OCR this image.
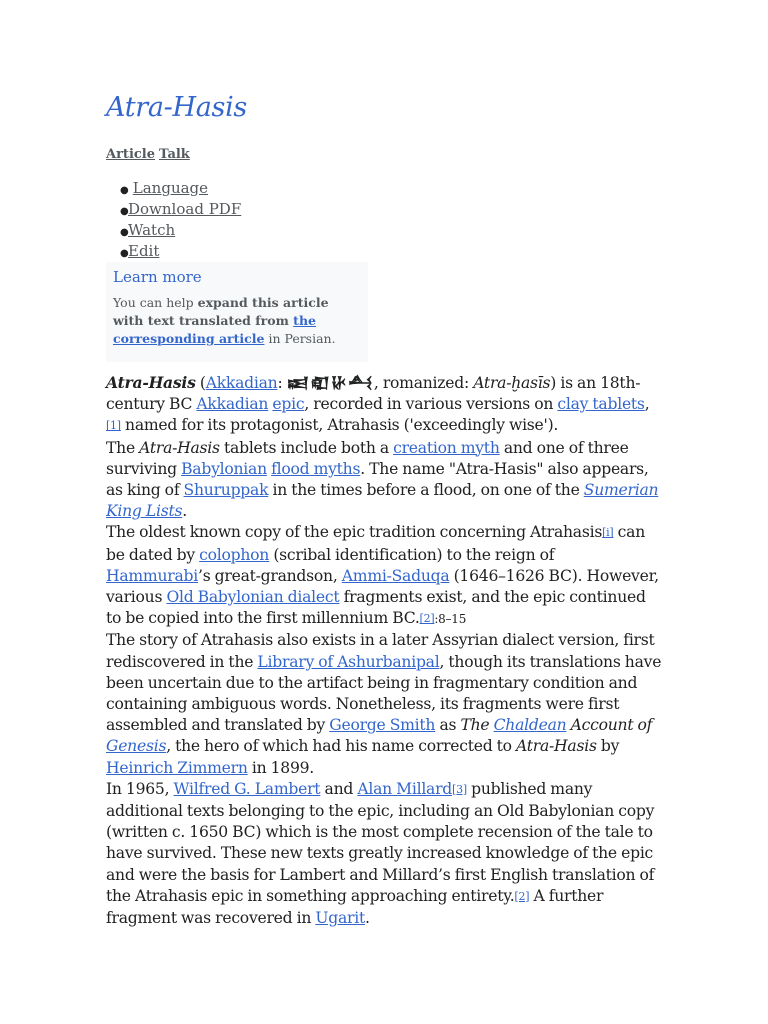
Atra-Hasis
Article Talk
● Language
●Download PDF
●Watch
●Edit
Learn more
You can help expand this article with text translated from the corresponding article in Persian.

Atra-Hasis (Akkadian: 𒀜𒊏𒄩𒋀, romanized: Atra-ḫasīs) is an 18th-century BC Akkadian epic, recorded in various versions on clay tablets,[1] named for its protagonist, Atrahasis ('exceedingly wise').

The Atra-Hasis tablets include both a creation myth and one of three surviving Babylonian flood myths. The name "Atra-Hasis" also appears, as king of Shuruppak in the times before a flood, on one of the Sumerian King Lists.

The oldest known copy of the epic tradition concerning Atrahasis[i] can be dated by colophon (scribal identification) to the reign of Hammurabi’s great-grandson, Ammi-Saduqa (1646–1626 BC). However, various Old Babylonian dialect fragments exist, and the epic continued to be copied into the first millennium BC.[2]:8–15

The story of Atrahasis also exists in a later Assyrian dialect version, first rediscovered in the Library of Ashurbanipal, though its translations have been uncertain due to the artifact being in fragmentary condition and containing ambiguous words. Nonetheless, its fragments were first assembled and translated by George Smith as The Chaldean Account of Genesis, the hero of which had his name corrected to Atra-Hasis by Heinrich Zimmern in 1899.

In 1965, Wilfred G. Lambert and Alan Millard[3] published many additional texts belonging to the epic, including an Old Babylonian copy (written c. 1650 BC) which is the most complete recension of the tale to have survived. These new texts greatly increased knowledge of the epic and were the basis for Lambert and Millard’s first English translation of the Atrahasis epic in something approaching entirety.[2] A further fragment was recovered in Ugarit.
